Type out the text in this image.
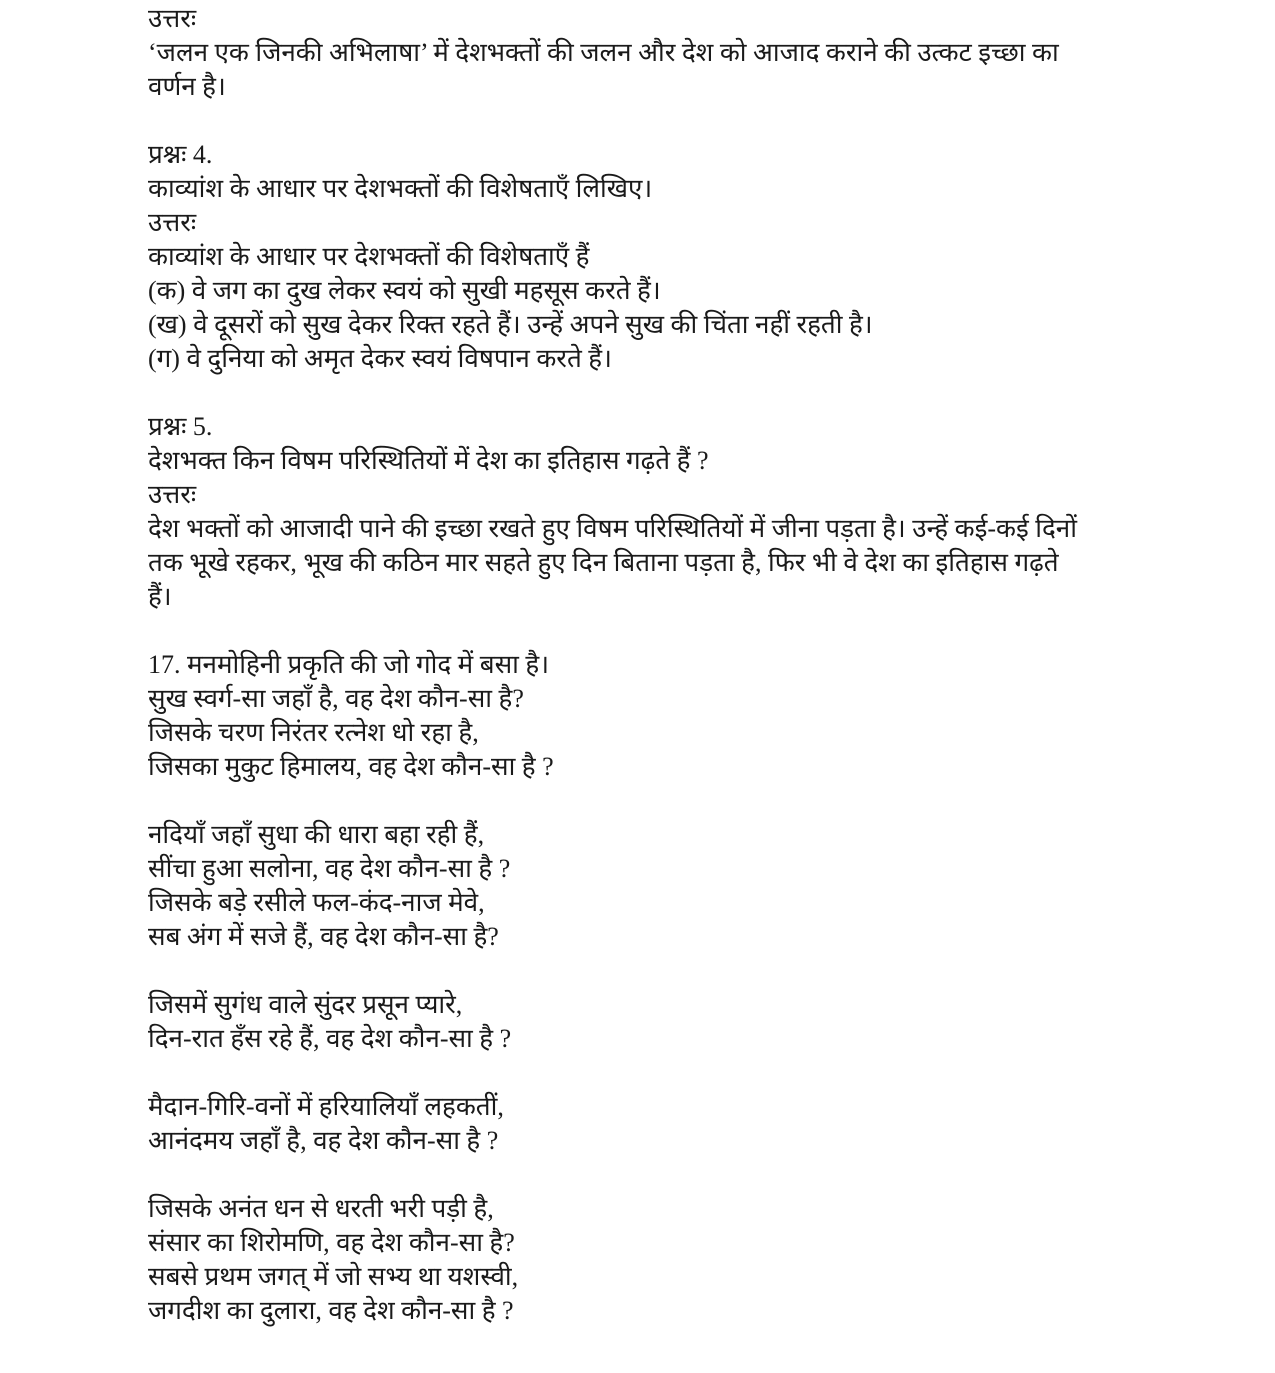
उत्तरः
‘जलन एक जिनकी अभिलाषा’ में देशभक्तों की जलन और देश को आजाद कराने की उत्कट इच्छा का
वर्णन है।
प्रश्नः 4.
काव्यांश के आधार पर देशभक्तों की विशेषताएँ लिखिए।
उत्तरः
काव्यांश के आधार पर देशभक्तों की विशेषताएँ हैं
(क) वे जग का दुख लेकर स्वयं को सुखी महसूस करते हैं।
(ख) वे दूसरों को सुख देकर रिक्त रहते हैं। उन्हें अपने सुख की चिंता नहीं रहती है।
(ग) वे दुनिया को अमृत देकर स्वयं विषपान करते हैं।
प्रश्नः 5.
देशभक्त किन विषम परिस्थितियों में देश का इतिहास गढ़ते हैं ?
उत्तरः
देश भक्तों को आजादी पाने की इच्छा रखते हुए विषम परिस्थितियों में जीना पड़ता है। उन्हें कई-कई दिनों
तक भूखे रहकर, भूख की कठिन मार सहते हुए दिन बिताना पड़ता है, फिर भी वे देश का इतिहास गढ़ते
हैं।
17. मनमोहिनी प्रकृति की जो गोद में बसा है।
सुख स्वर्ग-सा जहाँ है, वह देश कौन-सा है?
जिसके चरण निरंतर रत्नेश धो रहा है,
जिसका मुकुट हिमालय, वह देश कौन-सा है ?
नदियाँ जहाँ सुधा की धारा बहा रही हैं,
सींचा हुआ सलोना, वह देश कौन-सा है ?
जिसके बड़े रसीले फल-कंद-नाज मेवे,
सब अंग में सजे हैं, वह देश कौन-सा है?
जिसमें सुगंध वाले सुंदर प्रसून प्यारे,
दिन-रात हँस रहे हैं, वह देश कौन-सा है ?
मैदान-गिरि-वनों में हरियालियाँ लहकतीं,
आनंदमय जहाँ है, वह देश कौन-सा है ?
जिसके अनंत धन से धरती भरी पड़ी है,
संसार का शिरोमणि, वह देश कौन-सा है?
सबसे प्रथम जगत् में जो सभ्य था यशस्वी,
जगदीश का दुलारा, वह देश कौन-सा है ?
